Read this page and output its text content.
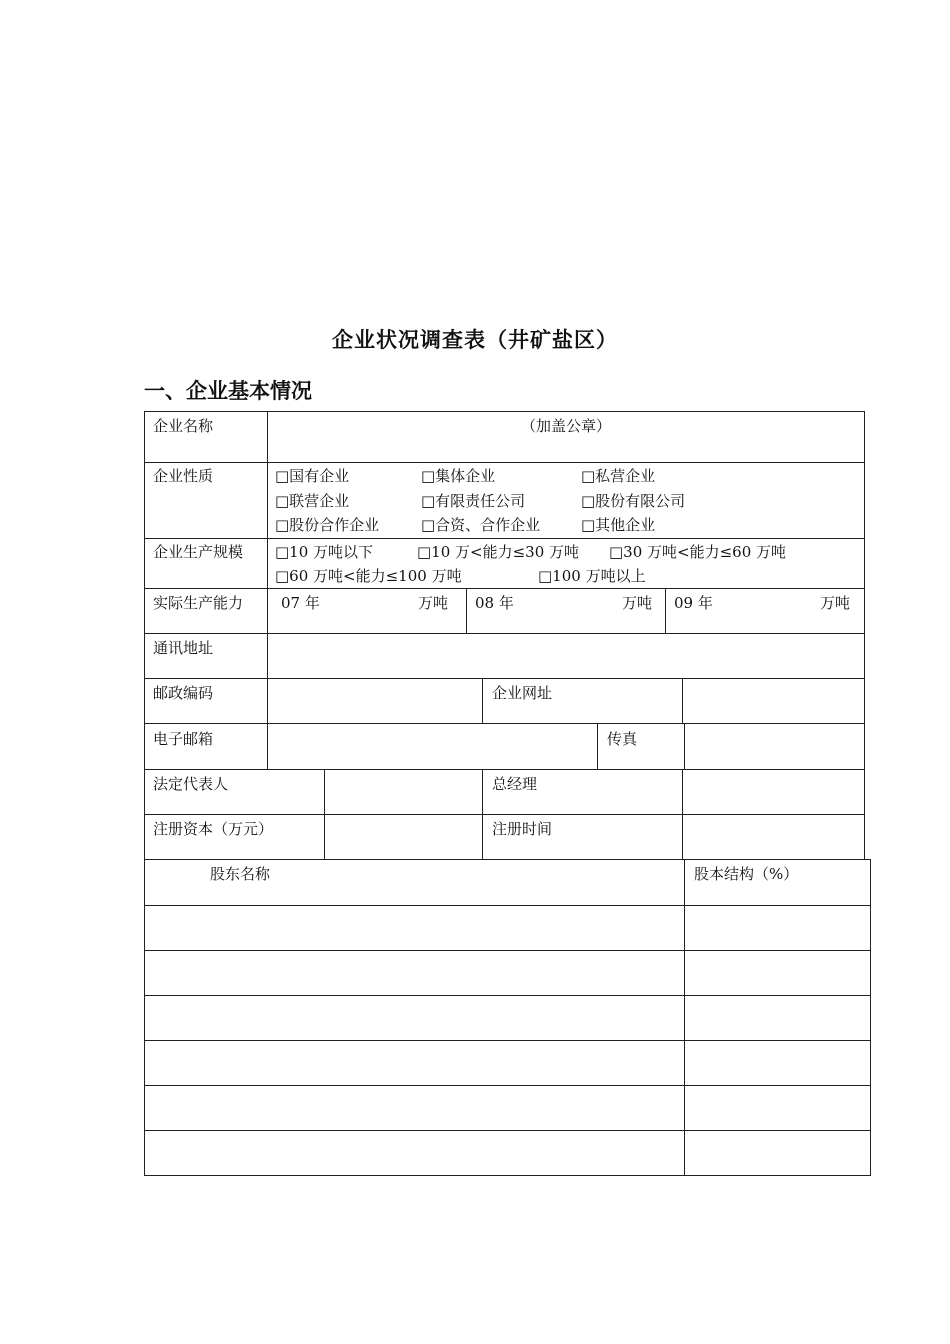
企业状况调查表（井矿盐区）
一、企业基本情况
企业名称	（加盖公章）
企业性质	□国有企业	□集体企业	□私营企业
□联营企业	□有限责任公司	□股份有限公司
□股份合作企业	□合资、合作企业	□其他企业
企业生产规模 □10 万吨以下	□10 万<能力≤30 万吨 □30 万吨<能力≤60 万吨
□60 万吨<能力≤100 万吨	□100 万吨以上
实际生产能力	07 年	万吨 08 年	万吨 09 年	万吨
通讯地址
邮政编码	企业网址
电子邮箱	传真
法定代表人	总经理
注册资本（万元）	注册时间
股东名称	股本结构（%）
